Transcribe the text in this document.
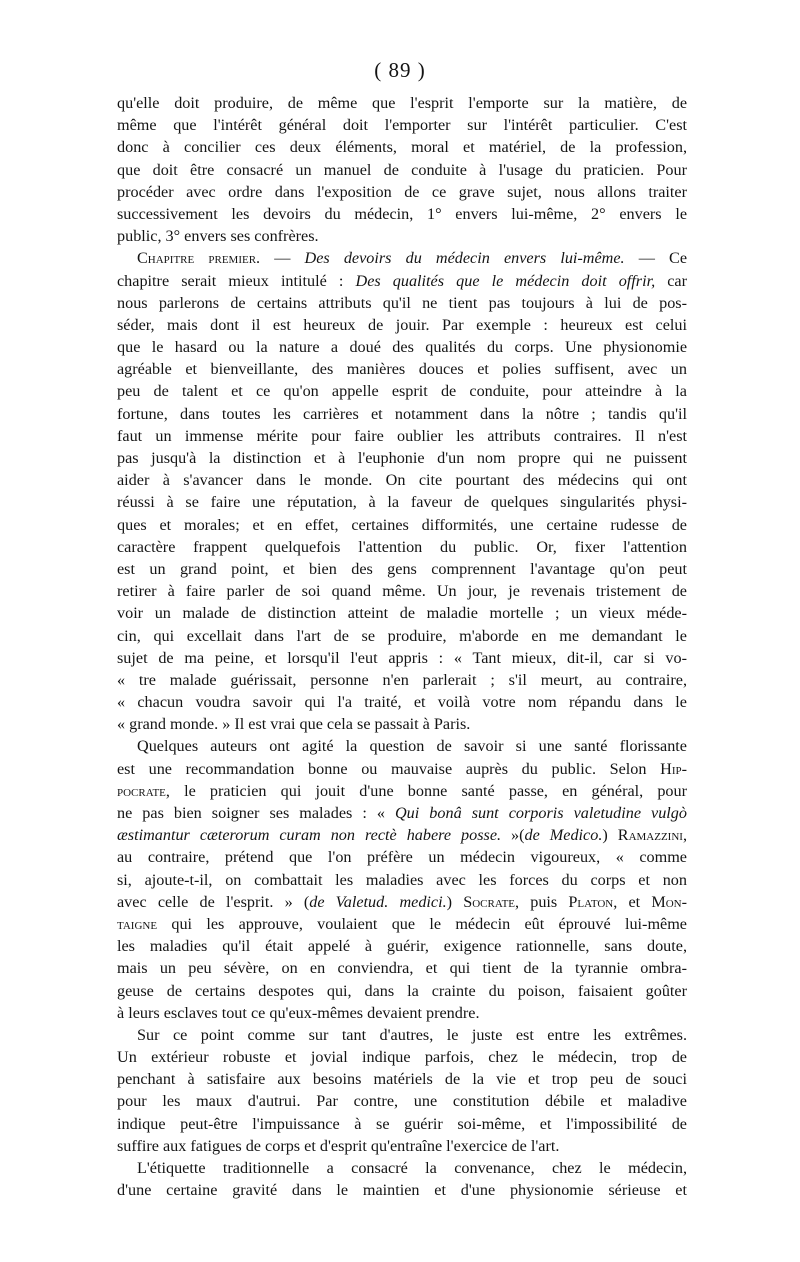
( 89 )
qu'elle doit produire, de même que l'esprit l'emporte sur la matière, de
même que l'intérêt général doit l'emporter sur l'intérêt particulier. C'est
donc à concilier ces deux éléments, moral et matériel, de la profession,
que doit être consacré un manuel de conduite à l'usage du praticien. Pour
procéder avec ordre dans l'exposition de ce grave sujet, nous allons traiter
successivement les devoirs du médecin, 1° envers lui-même, 2° envers le
public, 3° envers ses confrères.
Chapitre premier. — Des devoirs du médecin envers lui-même. — Ce
chapitre serait mieux intitulé : Des qualités que le médecin doit offrir, car
nous parlerons de certains attributs qu'il ne tient pas toujours à lui de pos-
séder, mais dont il est heureux de jouir. Par exemple : heureux est celui
que le hasard ou la nature a doué des qualités du corps. Une physionomie
agréable et bienveillante, des manières douces et polies suffisent, avec un
peu de talent et ce qu'on appelle esprit de conduite, pour atteindre à la
fortune, dans toutes les carrières et notamment dans la nôtre ; tandis qu'il
faut un immense mérite pour faire oublier les attributs contraires. Il n'est
pas jusqu'à la distinction et à l'euphonie d'un nom propre qui ne puissent
aider à s'avancer dans le monde. On cite pourtant des médecins qui ont
réussi à se faire une réputation, à la faveur de quelques singularités physi-
ques et morales; et en effet, certaines difformités, une certaine rudesse de
caractère frappent quelquefois l'attention du public. Or, fixer l'attention
est un grand point, et bien des gens comprennent l'avantage qu'on peut
retirer à faire parler de soi quand même. Un jour, je revenais tristement de
voir un malade de distinction atteint de maladie mortelle ; un vieux méde-
cin, qui excellait dans l'art de se produire, m'aborde en me demandant le
sujet de ma peine, et lorsqu'il l'eut appris : « Tant mieux, dit-il, car si vo-
« tre malade guérissait, personne n'en parlerait ; s'il meurt, au contraire,
« chacun voudra savoir qui l'a traité, et voilà votre nom répandu dans le
« grand monde. » Il est vrai que cela se passait à Paris.
Quelques auteurs ont agité la question de savoir si une santé florissante
est une recommandation bonne ou mauvaise auprès du public. Selon Hip-
pocrate, le praticien qui jouit d'une bonne santé passe, en général, pour
ne pas bien soigner ses malades : « Qui bonâ sunt corporis valetudine vulgò
æstimantur cæterorum curam non rectè habere posse. »(de Medico.) Ramazzini,
au contraire, prétend que l'on préfère un médecin vigoureux, « comme
si, ajoute-t-il, on combattait les maladies avec les forces du corps et non
avec celle de l'esprit. » (de Valetud. medici.) Socrate, puis Platon, et Mon-
taigne qui les approuve, voulaient que le médecin eût éprouvé lui-même
les maladies qu'il était appelé à guérir, exigence rationnelle, sans doute,
mais un peu sévère, on en conviendra, et qui tient de la tyrannie ombra-
geuse de certains despotes qui, dans la crainte du poison, faisaient goûter
à leurs esclaves tout ce qu'eux-mêmes devaient prendre.
Sur ce point comme sur tant d'autres, le juste est entre les extrêmes.
Un extérieur robuste et jovial indique parfois, chez le médecin, trop de
penchant à satisfaire aux besoins matériels de la vie et trop peu de souci
pour les maux d'autrui. Par contre, une constitution débile et maladive
indique peut-être l'impuissance à se guérir soi-même, et l'impossibilité de
suffire aux fatigues de corps et d'esprit qu'entraîne l'exercice de l'art.
L'étiquette traditionnelle a consacré la convenance, chez le médecin,
d'une certaine gravité dans le maintien et d'une physionomie sérieuse et
